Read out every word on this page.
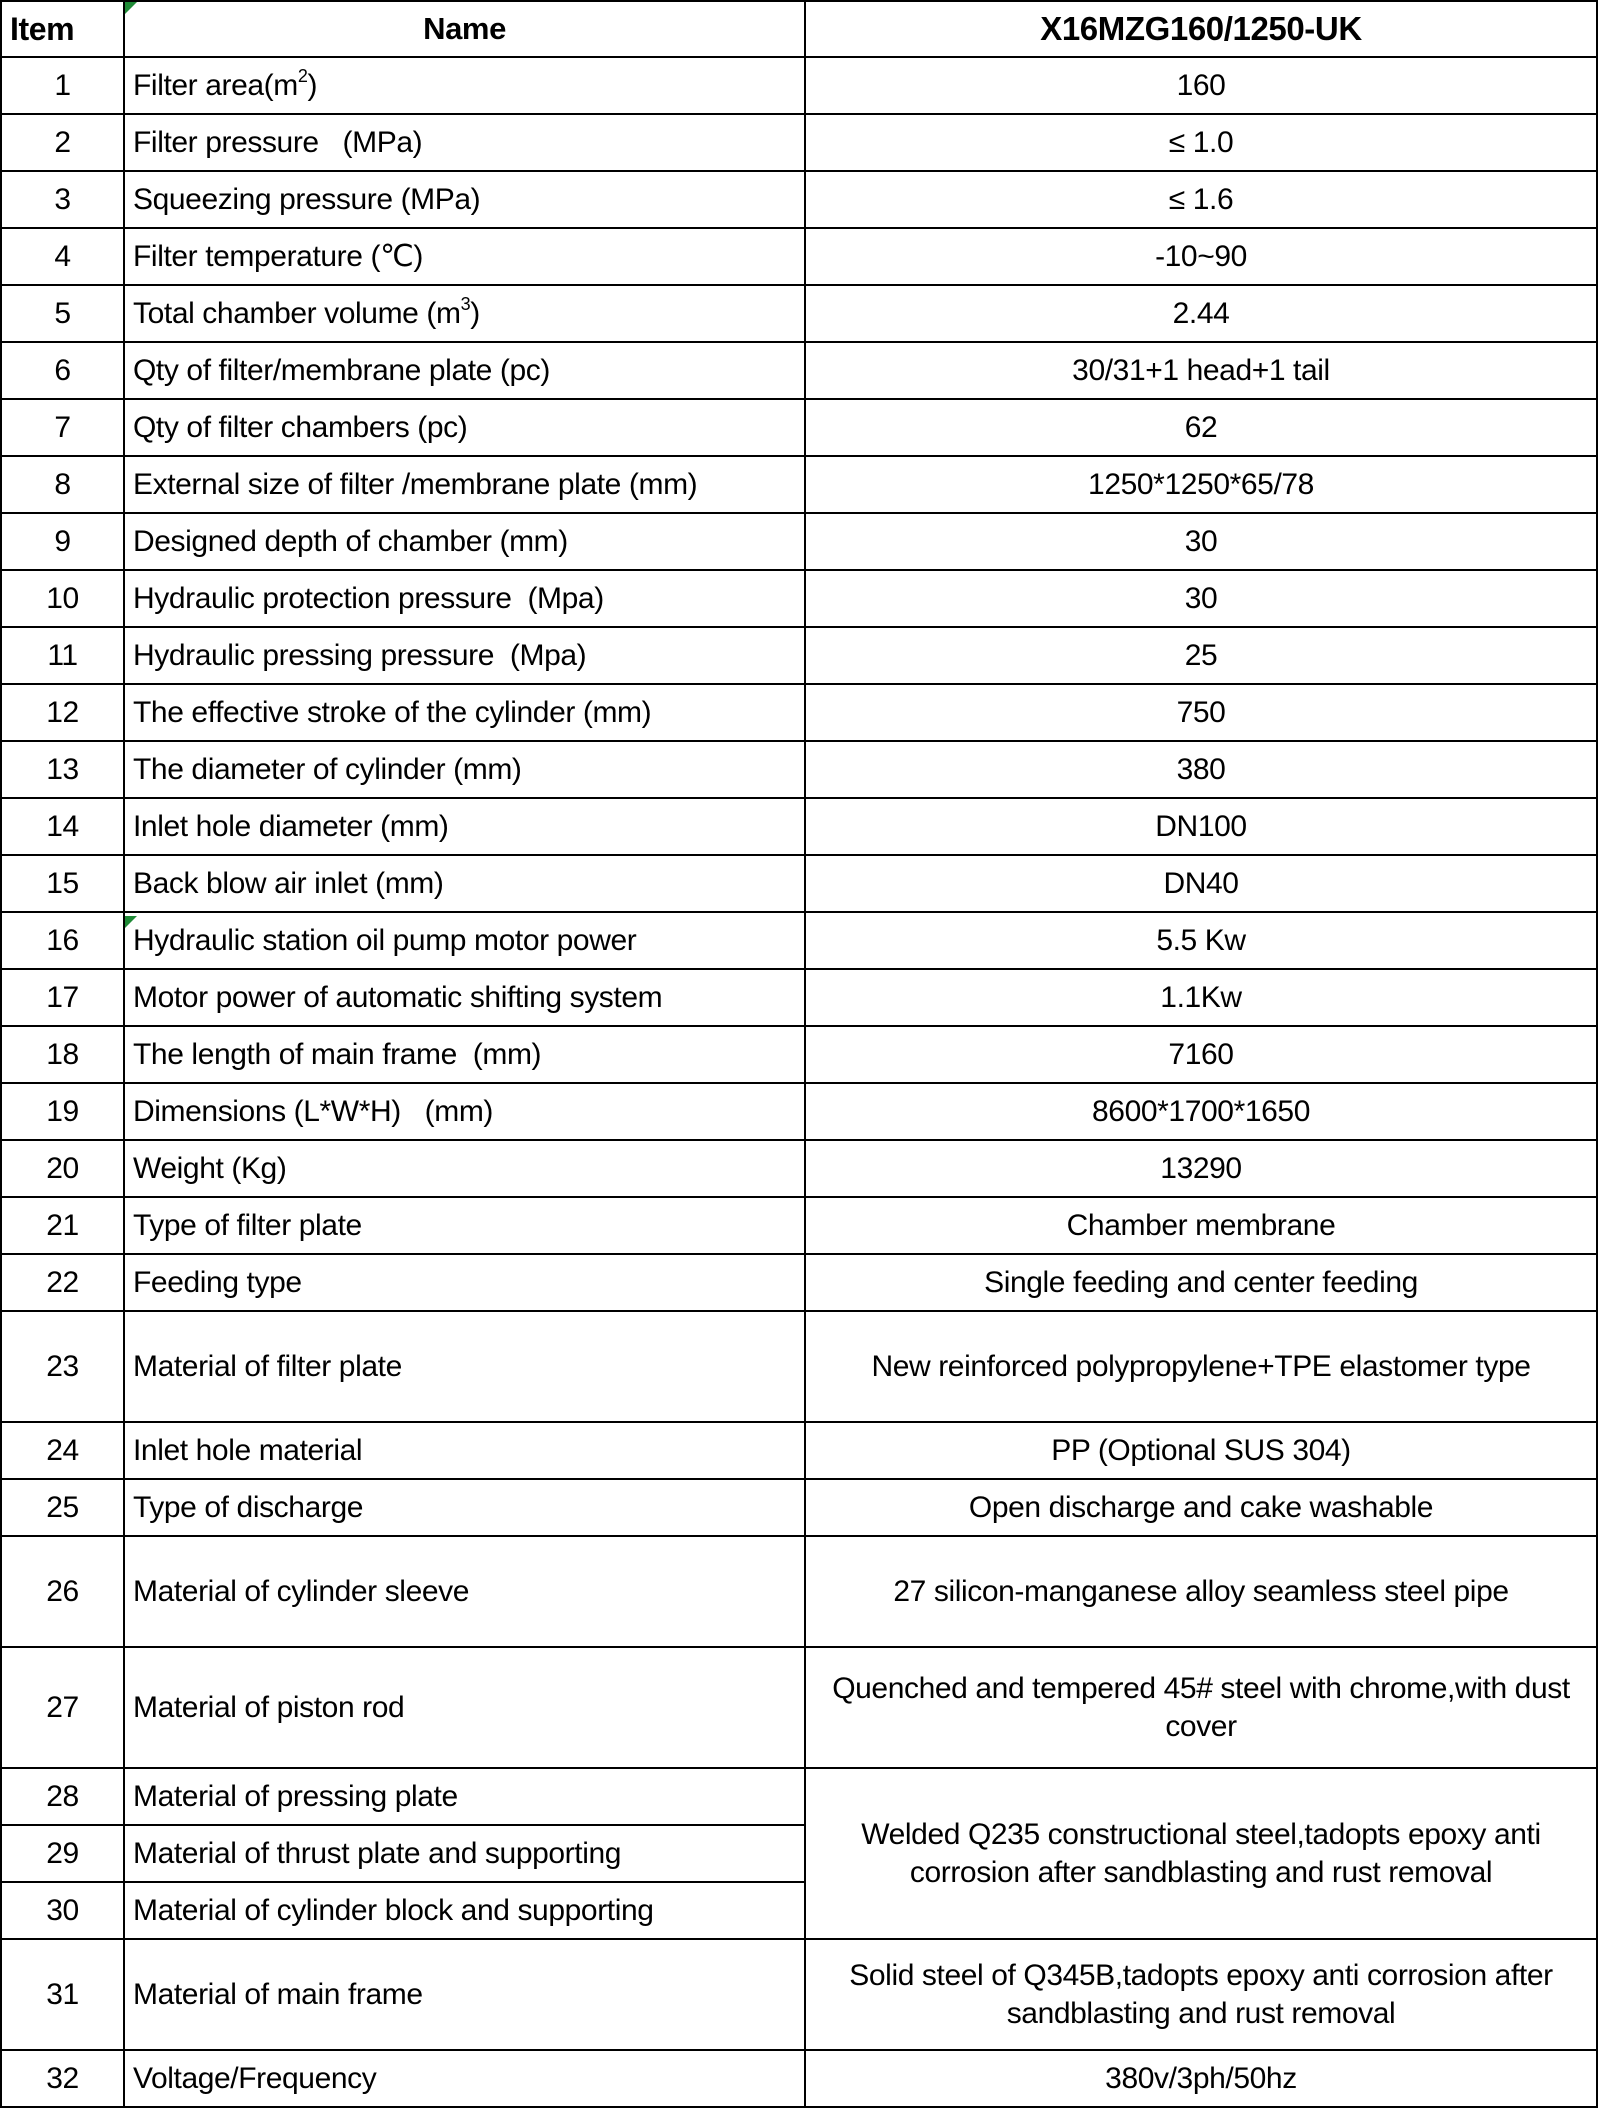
Item	Name	X16MZG160/1250-UK
1	Filter $area(m^2)$	160
2	Filter pressure   (MPa)	≤ 1.0
3	Squeezing pressure (MPa)	≤ 1.6
4	Filter temperature (℃)	-10~90
5	Total chamber volume $(m^3)$	2.44
6	Qty of filter/membrane plate (pc)	30/31+1 head+1 tail
7	Qty of filter chambers (pc)	62
8	External size of filter /membrane plate (mm)	1250*1250*65/78
9	Designed depth of chamber (mm)	30
10	Hydraulic protection pressure  (Mpa)	30
11	Hydraulic pressing pressure  (Mpa)	25
12	The effective stroke of the cylinder (mm)	750
13	The diameter of cylinder (mm)	380
14	Inlet hole diameter (mm)	DN100
15	Back blow air inlet (mm)	DN40
16	Hydraulic station oil pump motor power	5.5 Kw
17	Motor power of automatic shifting system	1.1Kw
18	The length of main frame  (mm)	7160
19	Dimensions (L*W*H)   (mm)	8600*1700*1650
20	Weight (Kg)	13290
21	Type of filter plate	Chamber membrane
22	Feeding type	Single feeding and center feeding
23	Material of filter plate	New reinforced polypropylene+TPE elastomer type
24	Inlet hole material	PP (Optional SUS 304)
25	Type of discharge	Open discharge and cake washable
26	Material of cylinder sleeve	27 silicon-manganese alloy seamless steel pipe
27	Material of piston rod	Quenched and tempered 45# steel with chrome,with dust cover
28	Material of pressing plate	Welded Q235 constructional steel,tadopts epoxy anti corrosion after sandblasting and rust removal
29	Material of thrust plate and supporting	
30	Material of cylinder block and supporting	
31	Material of main frame	Solid steel of Q345B,tadopts epoxy anti corrosion after sandblasting and rust removal
32	Voltage/Frequency	380v/3ph/50hz
